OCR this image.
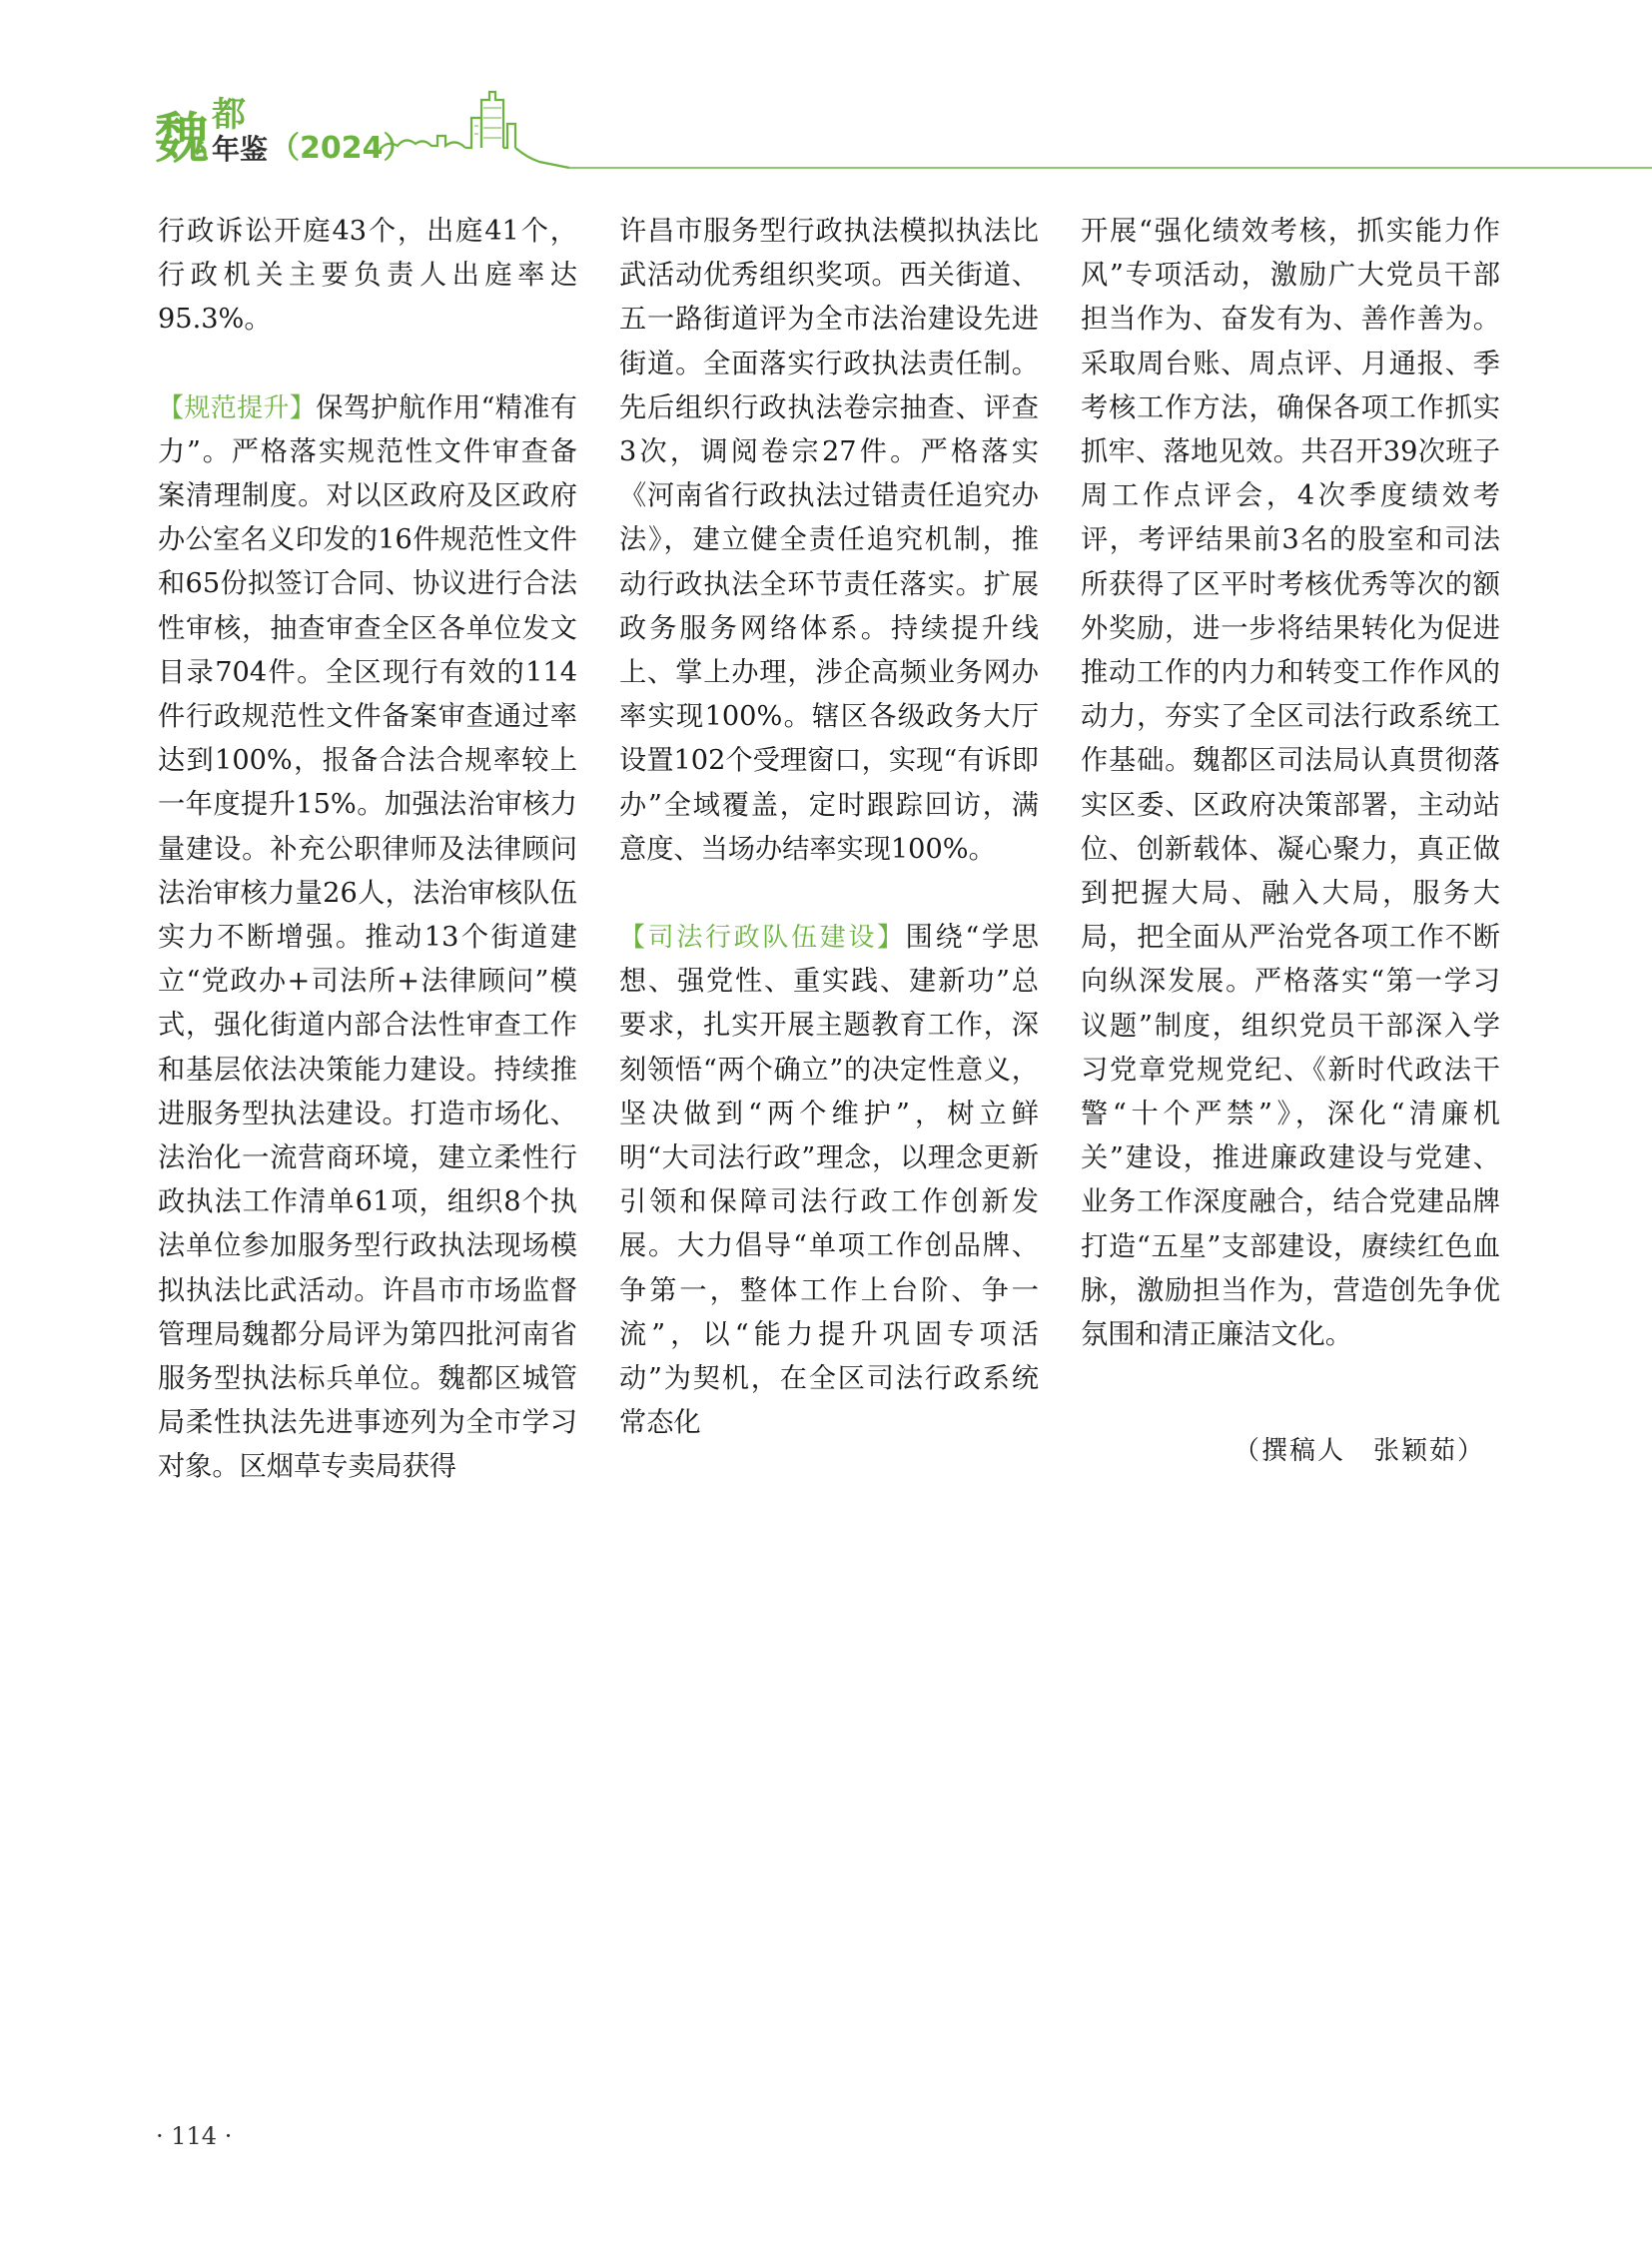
魏 都
年鉴 （2024）

行政诉讼开庭43个，出庭41个，行政机关主要负责人出庭率达95.3%。

【规范提升】保驾护航作用“精准有力”。严格落实规范性文件审查备案清理制度。对以区政府及区政府办公室名义印发的16件规范性文件和65份拟签订合同、协议进行合法性审核，抽查审查全区各单位发文目录704件。全区现行有效的114件行政规范性文件备案审查通过率达到100%，报备合法合规率较上一年度提升15%。加强法治审核力量建设。补充公职律师及法律顾问法治审核力量26人，法治审核队伍实力不断增强。推动13个街道建立“党政办+司法所+法律顾问”模式，强化街道内部合法性审查工作和基层依法决策能力建设。持续推进服务型执法建设。打造市场化、法治化一流营商环境，建立柔性行政执法工作清单61项，组织8个执法单位参加服务型行政执法现场模拟执法比武活动。许昌市市场监督管理局魏都分局评为第四批河南省服务型执法标兵单位。魏都区城管局柔性执法先进事迹列为全市学习对象。区烟草专卖局获得

许昌市服务型行政执法模拟执法比武活动优秀组织奖项。西关街道、五一路街道评为全市法治建设先进街道。全面落实行政执法责任制。先后组织行政执法卷宗抽查、评查3次，调阅卷宗27件。严格落实《河南省行政执法过错责任追究办法》，建立健全责任追究机制，推动行政执法全环节责任落实。扩展政务服务网络体系。持续提升线上、掌上办理，涉企高频业务网办率实现100%。辖区各级政务大厅设置102个受理窗口，实现“有诉即办”全域覆盖，定时跟踪回访，满意度、当场办结率实现100%。

【司法行政队伍建设】围绕“学思想、强党性、重实践、建新功”总要求，扎实开展主题教育工作，深刻领悟“两个确立”的决定性意义，坚决做到“两个维护”，树立鲜明“大司法行政”理念，以理念更新引领和保障司法行政工作创新发展。大力倡导“单项工作创品牌、争第一，整体工作上台阶、争一流”，以“能力提升巩固专项活动”为契机，在全区司法行政系统常态化

开展“强化绩效考核，抓实能力作风”专项活动，激励广大党员干部担当作为、奋发有为、善作善为。采取周台账、周点评、月通报、季考核工作方法，确保各项工作抓实抓牢、落地见效。共召开39次班子周工作点评会，4次季度绩效考评，考评结果前3名的股室和司法所获得了区平时考核优秀等次的额外奖励，进一步将结果转化为促进推动工作的内力和转变工作作风的动力，夯实了全区司法行政系统工作基础。魏都区司法局认真贯彻落实区委、区政府决策部署，主动站位、创新载体、凝心聚力，真正做到把握大局、融入大局，服务大局，把全面从严治党各项工作不断向纵深发展。严格落实“第一学习议题”制度，组织党员干部深入学习党章党规党纪、《新时代政法干警“十个严禁”》，深化“清廉机关”建设，推进廉政建设与党建、业务工作深度融合，结合党建品牌打造“五星”支部建设，赓续红色血脉，激励担当作为，营造创先争优氛围和清正廉洁文化。

（撰稿人　张颖茹）
· 114 ·
